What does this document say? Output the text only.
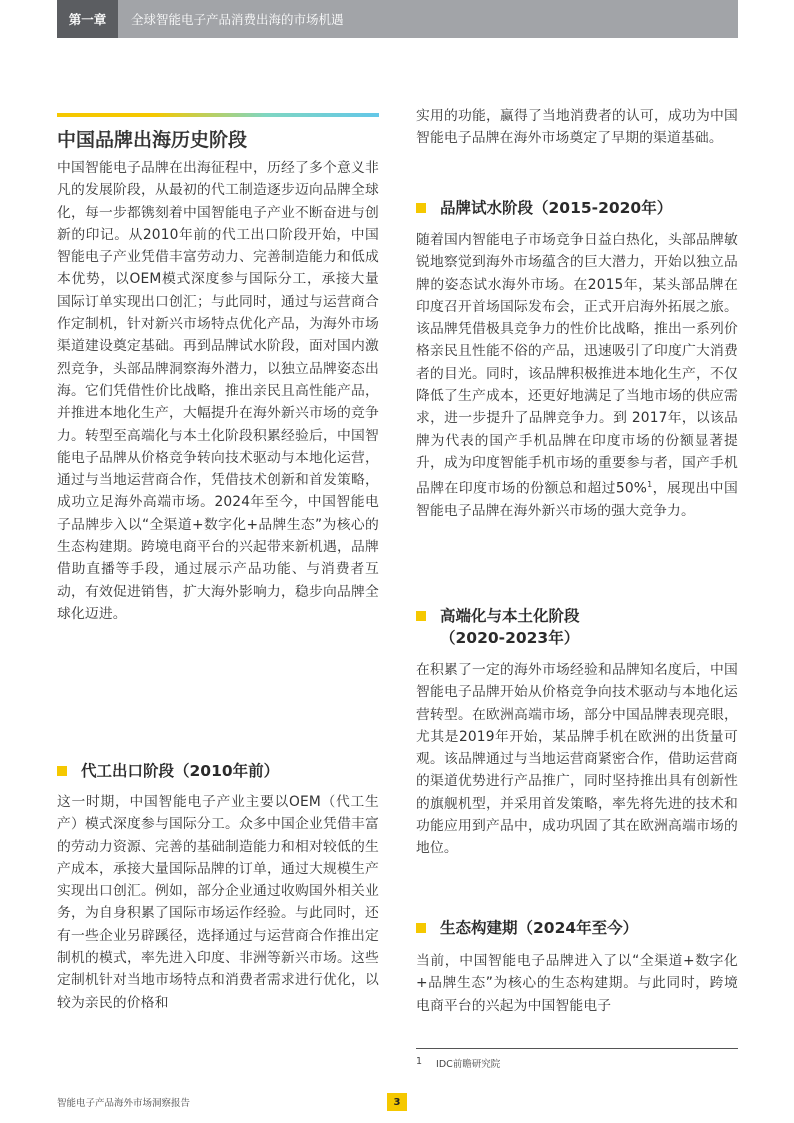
第一章	全球智能电子产品消费出海的市场机遇
中国品牌出海历史阶段

中国智能电子品牌在出海征程中，历经了多个意义非凡的发展阶段，从最初的代工制造逐步迈向品牌全球化，每一步都镌刻着中国智能电子产业不断奋进与创新的印记。从2010年前的代工出口阶段开始，中国智能电子产业凭借丰富劳动力、完善制造能力和低成本优势，以OEM模式深度参与国际分工，承接大量国际订单实现出口创汇；与此同时，通过与运营商合作定制机，针对新兴市场特点优化产品，为海外市场渠道建设奠定基础。再到品牌试水阶段，面对国内激烈竞争，头部品牌洞察海外潜力，以独立品牌姿态出海。它们凭借性价比战略，推出亲民且高性能产品，并推进本地化生产，大幅提升在海外新兴市场的竞争力。转型至高端化与本土化阶段积累经验后，中国智能电子品牌从价格竞争转向技术驱动与本地化运营，通过与当地运营商合作，凭借技术创新和首发策略，成功立足海外高端市场。2024年至今，中国智能电子品牌步入以“全渠道+数字化+品牌生态”为核心的生态构建期。跨境电商平台的兴起带来新机遇，品牌借助直播等手段，通过展示产品功能、与消费者互动，有效促进销售，扩大海外影响力，稳步向品牌全球化迈进。

代工出口阶段（2010年前）

这一时期，中国智能电子产业主要以OEM（代工生产）模式深度参与国际分工。众多中国企业凭借丰富的劳动力资源、完善的基础制造能力和相对较低的生产成本，承接大量国际品牌的订单，通过大规模生产实现出口创汇。例如，部分企业通过收购国外相关业务，为自身积累了国际市场运作经验。与此同时，还有一些企业另辟蹊径，选择通过与运营商合作推出定制机的模式，率先进入印度、非洲等新兴市场。这些定制机针对当地市场特点和消费者需求进行优化，以较为亲民的价格和

实用的功能，赢得了当地消费者的认可，成功为中国智能电子品牌在海外市场奠定了早期的渠道基础。

品牌试水阶段（2015-2020年）

随着国内智能电子市场竞争日益白热化，头部品牌敏锐地察觉到海外市场蕴含的巨大潜力，开始以独立品牌的姿态试水海外市场。在2015年，某头部品牌在印度召开首场国际发布会，正式开启海外拓展之旅。该品牌凭借极具竞争力的性价比战略，推出一系列价格亲民且性能不俗的产品，迅速吸引了印度广大消费者的目光。同时，该品牌积极推进本地化生产，不仅降低了生产成本，还更好地满足了当地市场的供应需求，进一步提升了品牌竞争力。到 2017年，以该品牌为代表的国产手机品牌在印度市场的份额显著提升，成为印度智能手机市场的重要参与者，国产手机品牌在印度市场的份额总和超过50%$^1$，展现出中国智能电子品牌在海外新兴市场的强大竞争力。

高端化与本土化阶段
（2020-2023年）

在积累了一定的海外市场经验和品牌知名度后，中国智能电子品牌开始从价格竞争向技术驱动与本地化运营转型。在欧洲高端市场，部分中国品牌表现亮眼，尤其是2019年开始，某品牌手机在欧洲的出货量可观。该品牌通过与当地运营商紧密合作，借助运营商的渠道优势进行产品推广，同时坚持推出具有创新性的旗舰机型，并采用首发策略，率先将先进的技术和功能应用到产品中，成功巩固了其在欧洲高端市场的地位。

生态构建期（2024年至今）

当前，中国智能电子品牌进入了以“全渠道+数字化+品牌生态”为核心的生态构建期。与此同时，跨境电商平台的兴起为中国智能电子

1 IDC前瞻研究院
智能电子产品海外市场洞察报告	3
